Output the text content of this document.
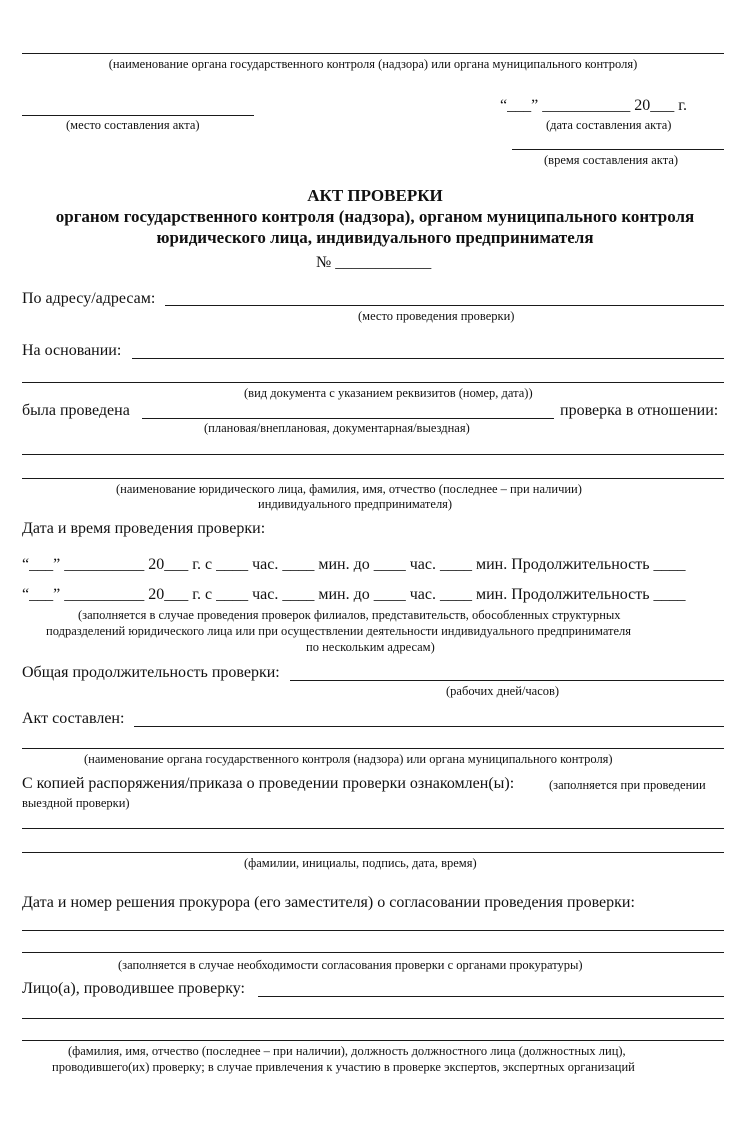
(наименование органа государственного контроля (надзора) или органа муниципального контроля)
(место составления акта)
“___” ___________ 20___ г.
(дата составления акта)
(время составления акта)
АКТ ПРОВЕРКИ
органом государственного контроля (надзора), органом муниципального контроля
юридического лица, индивидуального предпринимателя
№ ____________
По адресу/адресам:
(место проведения проверки)
На основании:
(вид документа с указанием реквизитов (номер, дата))
была проведена	проверка в отношении:
(плановая/внеплановая, документарная/выездная)
(наименование юридического лица, фамилия, имя, отчество (последнее – при наличии)
индивидуального предпринимателя)
Дата и время проведения проверки:
“___” __________ 20___ г. с ____ час. ____ мин. до ____ час. ____ мин. Продолжительность ____
“___” __________ 20___ г. с ____ час. ____ мин. до ____ час. ____ мин. Продолжительность ____
(заполняется в случае проведения проверок филиалов, представительств, обособленных структурных
подразделений юридического лица или при осуществлении деятельности индивидуального предпринимателя
по нескольким адресам)
Общая продолжительность проверки:
(рабочих дней/часов)
Акт составлен:
(наименование органа государственного контроля (надзора) или органа муниципального контроля)
С копией распоряжения/приказа о проведении проверки ознакомлен(ы):	(заполняется при проведении
выездной проверки)
(фамилии, инициалы, подпись, дата, время)
Дата и номер решения прокурора (его заместителя) о согласовании проведения проверки:
(заполняется в случае необходимости согласования проверки с органами прокуратуры)
Лицо(а), проводившее проверку:
(фамилия, имя, отчество (последнее – при наличии), должность должностного лица (должностных лиц),
проводившего(их) проверку; в случае привлечения к участию в проверке экспертов, экспертных организаций
